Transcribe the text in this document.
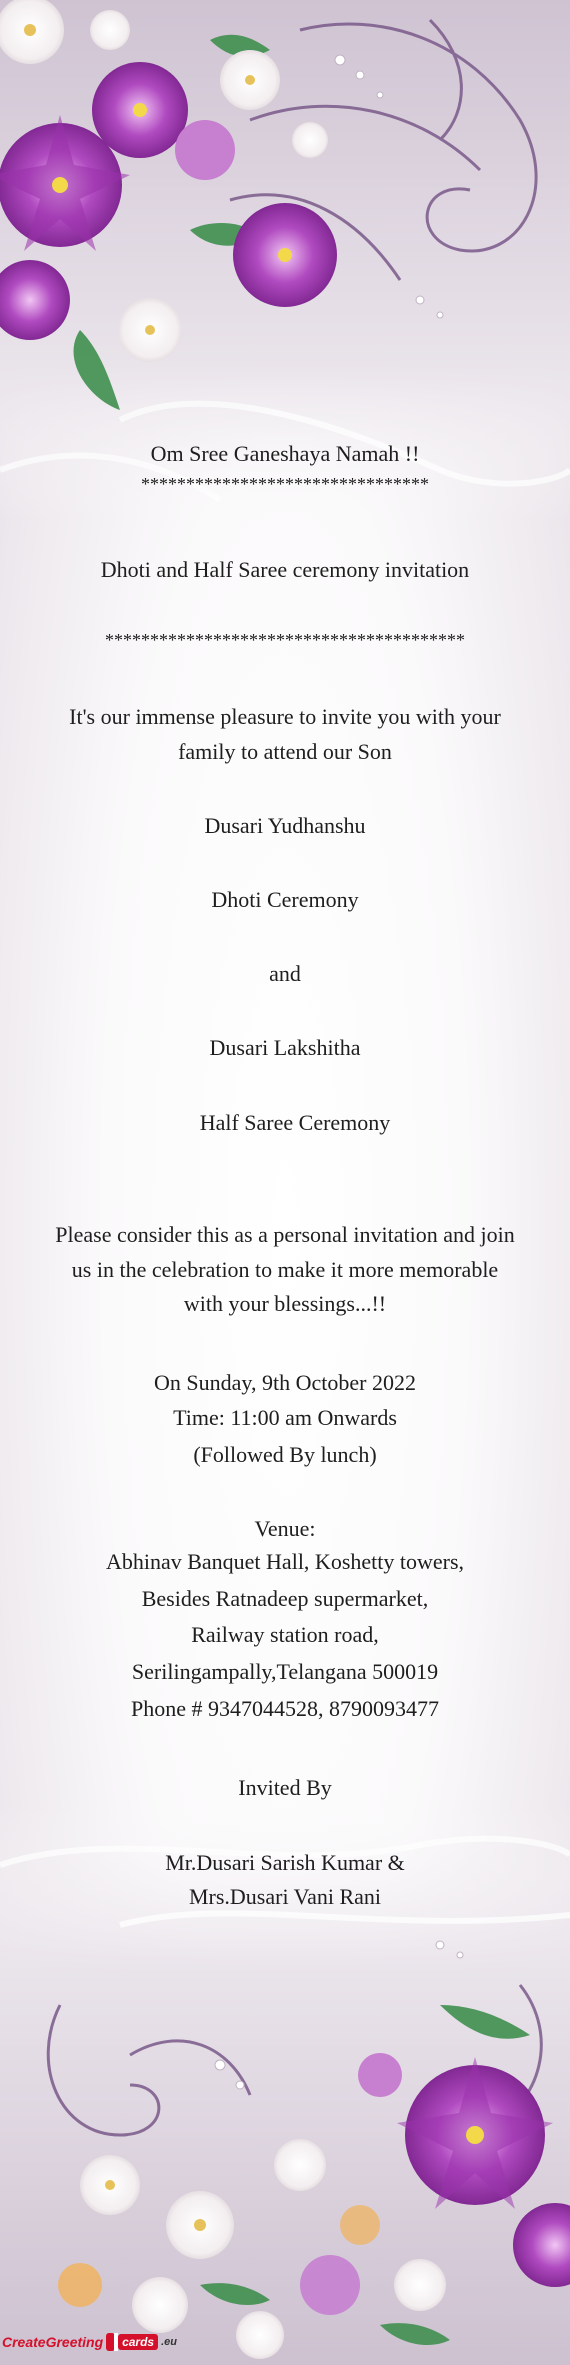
Om Sree Ganeshaya Namah !!
********************************
Dhoti and Half Saree ceremony invitation
****************************************
It's our immense pleasure to invite you with your
family to attend our Son
Dusari Yudhanshu
Dhoti Ceremony
and
Dusari Lakshitha
Half Saree Ceremony
Please consider this as a personal invitation and join
us in the celebration to make it more memorable
with your blessings...!!
On Sunday, 9th October 2022
Time: 11:00 am Onwards
(Followed By lunch)
Venue:
Abhinav Banquet Hall, Koshetty towers,
Besides Ratnadeep supermarket,
Railway station road,
Serilingampally,Telangana 500019
Phone # 9347044528, 8790093477
Invited By
Mr.Dusari Sarish Kumar &
Mrs.Dusari Vani Rani
CreateGreeting	cards .eu
